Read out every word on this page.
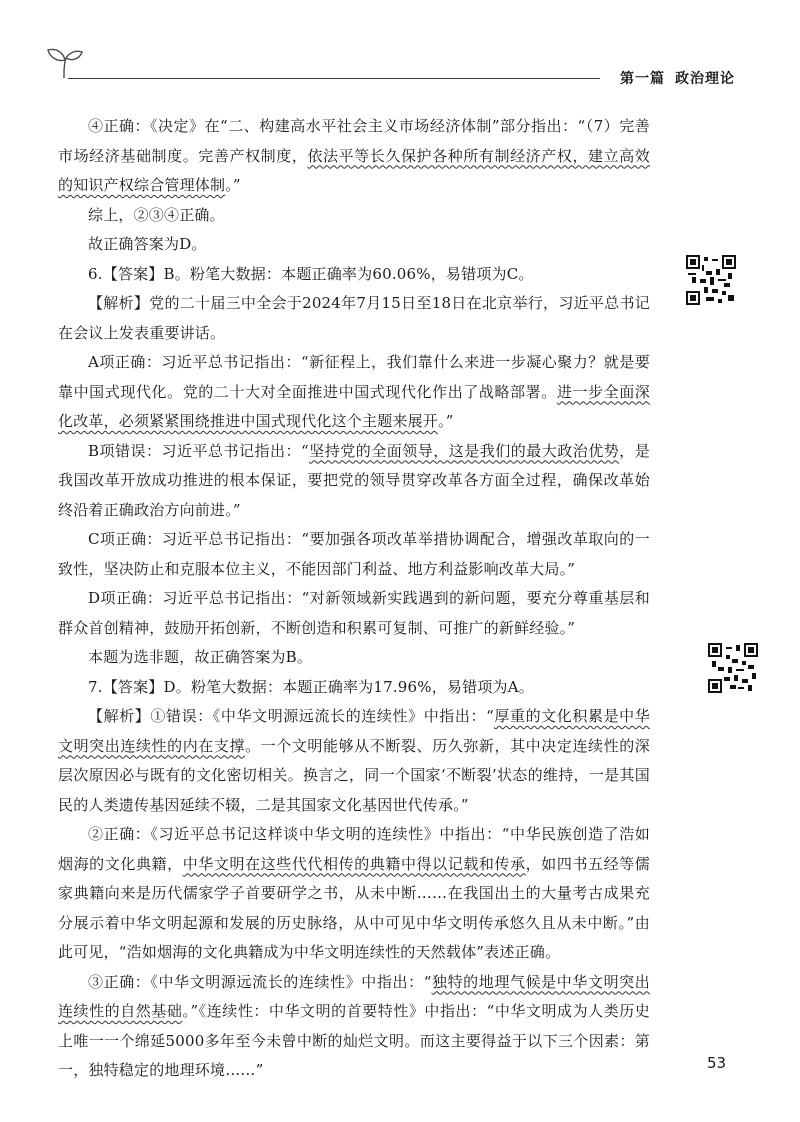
第一篇 政治理论

④正确：《决定》在“二、构建高水平社会主义市场经济体制”部分指出：“（7）完善市场经济基础制度。完善产权制度，依法平等长久保护各种所有制经济产权，建立高效的知识产权综合管理体制。”

综上，②③④正确。

故正确答案为D。

6.【答案】B。粉笔大数据：本题正确率为60.06%，易错项为C。

【解析】党的二十届三中全会于2024年7月15日至18日在北京举行，习近平总书记在会议上发表重要讲话。

A项正确：习近平总书记指出：“新征程上，我们靠什么来进一步凝心聚力？就是要靠中国式现代化。党的二十大对全面推进中国式现代化作出了战略部署。进一步全面深化改革，必须紧紧围绕推进中国式现代化这个主题来展开。”

B项错误：习近平总书记指出：“坚持党的全面领导，这是我们的最大政治优势，是我国改革开放成功推进的根本保证，要把党的领导贯穿改革各方面全过程，确保改革始终沿着正确政治方向前进。”

C项正确：习近平总书记指出：“要加强各项改革举措协调配合，增强改革取向的一致性，坚决防止和克服本位主义，不能因部门利益、地方利益影响改革大局。”

D项正确：习近平总书记指出：“对新领域新实践遇到的新问题，要充分尊重基层和群众首创精神，鼓励开拓创新，不断创造和积累可复制、可推广的新鲜经验。”

本题为选非题，故正确答案为B。

7.【答案】D。粉笔大数据：本题正确率为17.96%，易错项为A。

【解析】①错误：《中华文明源远流长的连续性》中指出：“厚重的文化积累是中华文明突出连续性的内在支撑。一个文明能够从不断裂、历久弥新，其中决定连续性的深层次原因必与既有的文化密切相关。换言之，同一个国家‘不断裂’状态的维持，一是其国民的人类遗传基因延续不辍，二是其国家文化基因世代传承。”

②正确：《习近平总书记这样谈中华文明的连续性》中指出：“中华民族创造了浩如烟海的文化典籍，中华文明在这些代代相传的典籍中得以记载和传承，如四书五经等儒家典籍向来是历代儒家学子首要研学之书，从未中断……在我国出土的大量考古成果充分展示着中华文明起源和发展的历史脉络，从中可见中华文明传承悠久且从未中断。”由此可见，“浩如烟海的文化典籍成为中华文明连续性的天然载体”表述正确。

③正确：《中华文明源远流长的连续性》中指出：“独特的地理气候是中华文明突出连续性的自然基础。”《连续性：中华文明的首要特性》中指出：“中华文明成为人类历史上唯一一个绵延5000多年至今未曾中断的灿烂文明。而这主要得益于以下三个因素：第一，独特稳定的地理环境……”	53
